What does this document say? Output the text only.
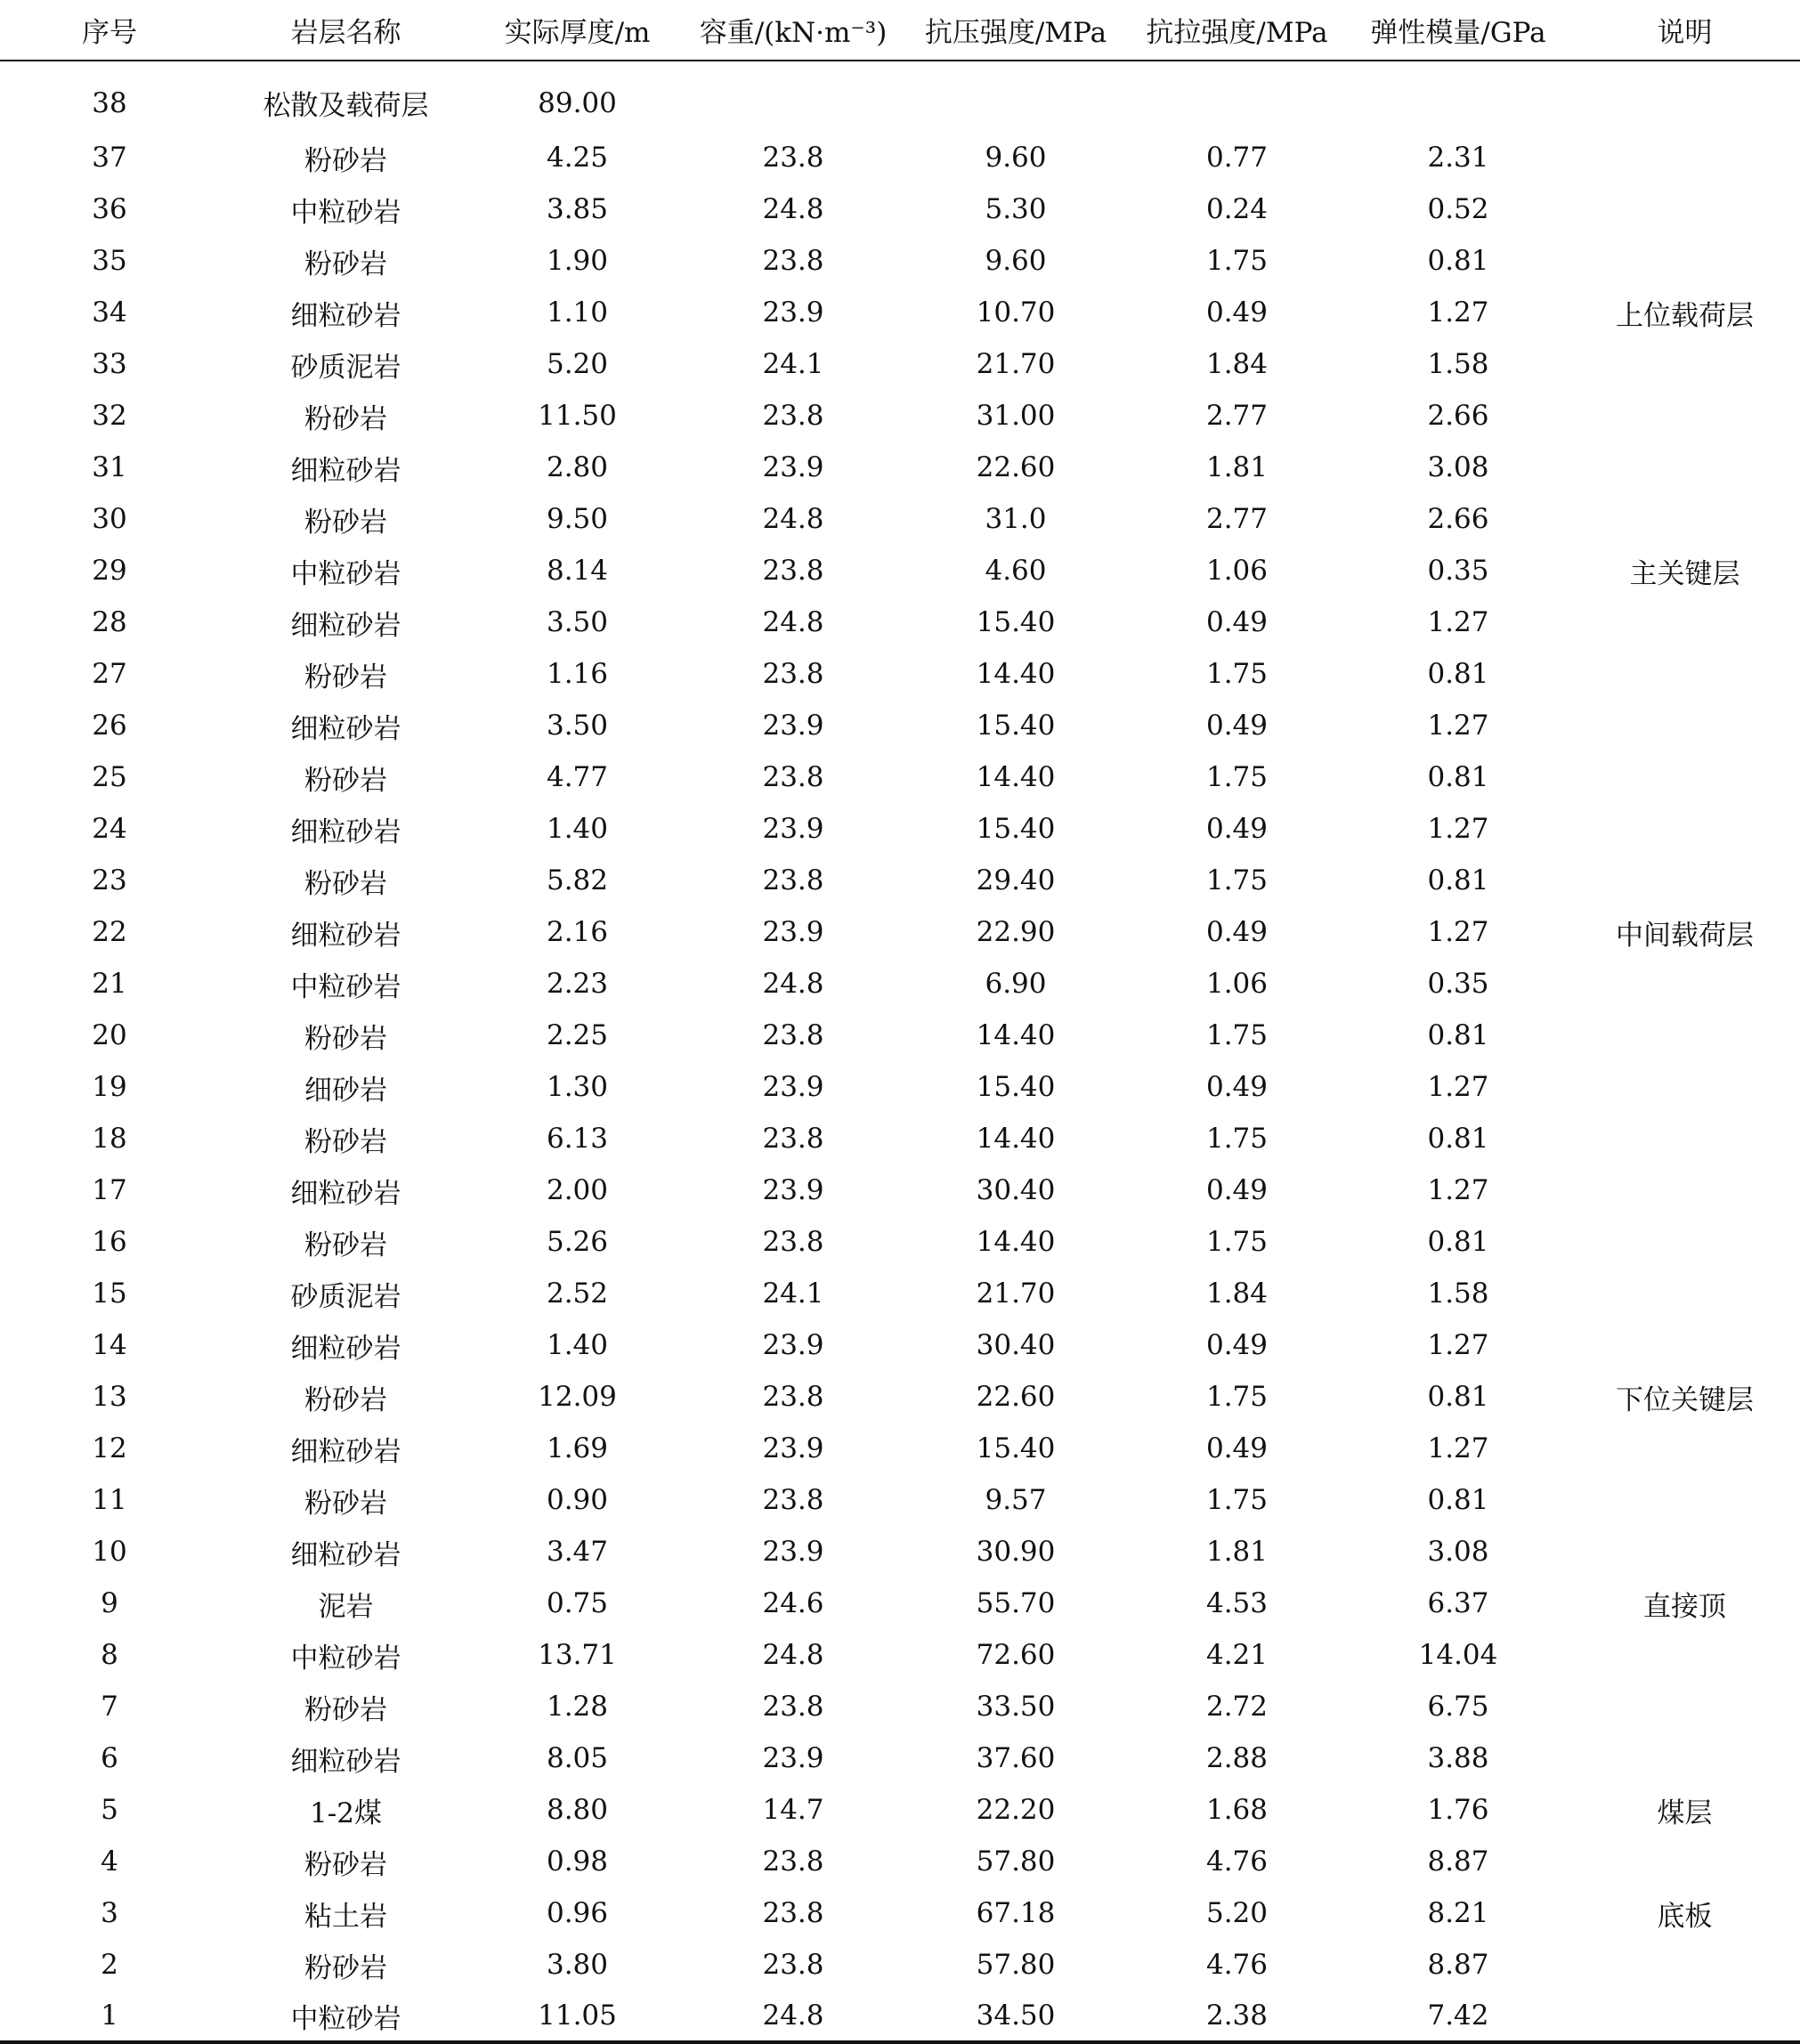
序号	岩层名称	实际厚度/m	容重/(kN·m⁻³)	抗压强度/MPa	抗拉强度/MPa	弹性模量/GPa	说明
38	松散及载荷层	89.00					
37	粉砂岩	4.25	23.8	9.60	0.77	2.31	
36	中粒砂岩	3.85	24.8	5.30	0.24	0.52	
35	粉砂岩	1.90	23.8	9.60	1.75	0.81	
34	细粒砂岩	1.10	23.9	10.70	0.49	1.27	上位载荷层
33	砂质泥岩	5.20	24.1	21.70	1.84	1.58	
32	粉砂岩	11.50	23.8	31.00	2.77	2.66	
31	细粒砂岩	2.80	23.9	22.60	1.81	3.08	
30	粉砂岩	9.50	24.8	31.0	2.77	2.66	
29	中粒砂岩	8.14	23.8	4.60	1.06	0.35	主关键层
28	细粒砂岩	3.50	24.8	15.40	0.49	1.27	
27	粉砂岩	1.16	23.8	14.40	1.75	0.81	
26	细粒砂岩	3.50	23.9	15.40	0.49	1.27	
25	粉砂岩	4.77	23.8	14.40	1.75	0.81	
24	细粒砂岩	1.40	23.9	15.40	0.49	1.27	
23	粉砂岩	5.82	23.8	29.40	1.75	0.81	
22	细粒砂岩	2.16	23.9	22.90	0.49	1.27	中间载荷层
21	中粒砂岩	2.23	24.8	6.90	1.06	0.35	
20	粉砂岩	2.25	23.8	14.40	1.75	0.81	
19	细砂岩	1.30	23.9	15.40	0.49	1.27	
18	粉砂岩	6.13	23.8	14.40	1.75	0.81	
17	细粒砂岩	2.00	23.9	30.40	0.49	1.27	
16	粉砂岩	5.26	23.8	14.40	1.75	0.81	
15	砂质泥岩	2.52	24.1	21.70	1.84	1.58	
14	细粒砂岩	1.40	23.9	30.40	0.49	1.27	
13	粉砂岩	12.09	23.8	22.60	1.75	0.81	下位关键层
12	细粒砂岩	1.69	23.9	15.40	0.49	1.27	
11	粉砂岩	0.90	23.8	9.57	1.75	0.81	
10	细粒砂岩	3.47	23.9	30.90	1.81	3.08	
9	泥岩	0.75	24.6	55.70	4.53	6.37	直接顶
8	中粒砂岩	13.71	24.8	72.60	4.21	14.04	
7	粉砂岩	1.28	23.8	33.50	2.72	6.75	
6	细粒砂岩	8.05	23.9	37.60	2.88	3.88	
5	1-2煤	8.80	14.7	22.20	1.68	1.76	煤层
4	粉砂岩	0.98	23.8	57.80	4.76	8.87	
3	粘土岩	0.96	23.8	67.18	5.20	8.21	底板
2	粉砂岩	3.80	23.8	57.80	4.76	8.87	
1	中粒砂岩	11.05	24.8	34.50	2.38	7.42	
